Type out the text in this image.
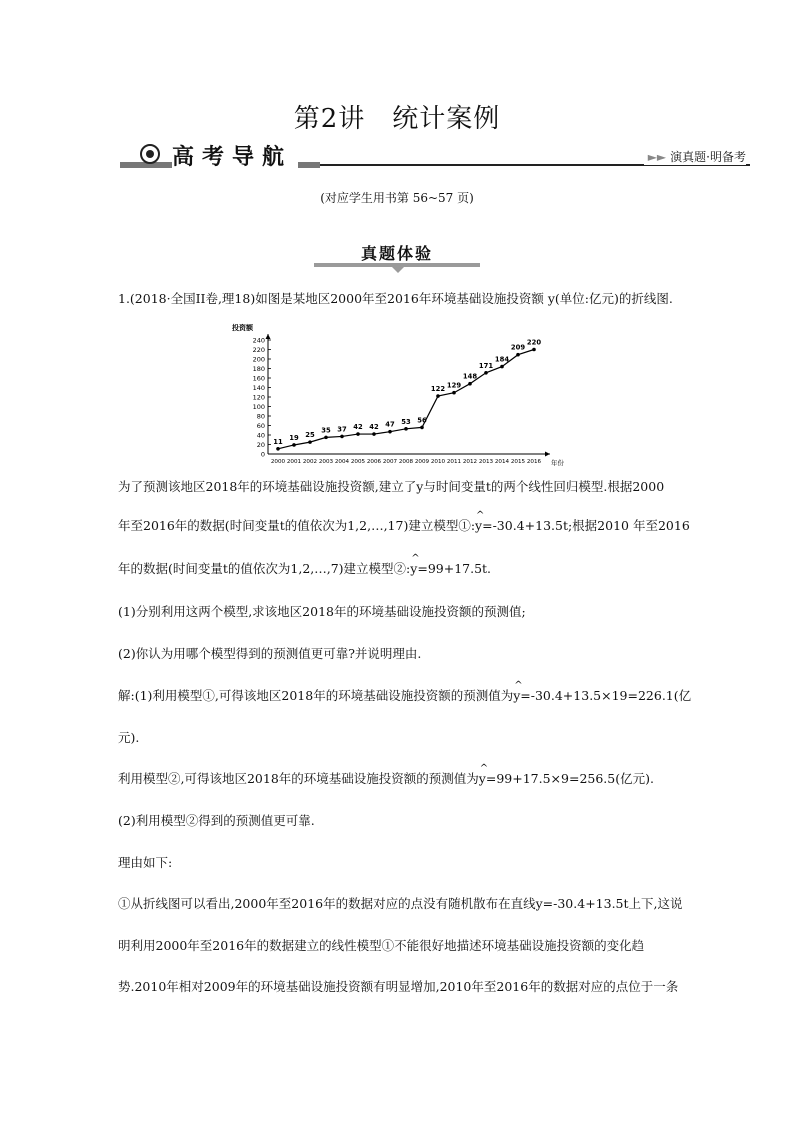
第2讲　统计案例
高考导航	►► 演真题·明备考
(对应学生用书第 56~57 页)
真题体验
1.(2018·全国II卷,理18)如图是某地区2000年至2016年环境基础设施投资额 y(单位:亿元)的折线图.
0
20
40
60
80
100
120
140
160
180
200
220
240
投资额
年份
2000 2001 2002 2003 2004 2005 2006 2007 2008 2009 2010 2011 2012 2013 2014 2015 2016
11 19 25
35 37 42 42 47 53 56
122 129
148
171
184
209
220
为了预测该地区2018年的环境基础设施投资额,建立了y与时间变量t的两个线性回归模型.根据2000
年至2016年的数据(时间变量t的值依次为1,2,…,17)建立模型①:^ y=-30.4+13.5t;根据2010 年至2016
年的数据(时间变量t的值依次为1,2,…,7)建立模型②:^ y=99+17.5t.
(1)分别利用这两个模型,求该地区2018年的环境基础设施投资额的预测值;
(2)你认为用哪个模型得到的预测值更可靠?并说明理由.
解:(1)利用模型①,可得该地区2018年的环境基础设施投资额的预测值为^ y=-30.4+13.5×19=226.1(亿
元).
利用模型②,可得该地区2018年的环境基础设施投资额的预测值为^ y=99+17.5×9=256.5(亿元).
(2)利用模型②得到的预测值更可靠.
理由如下:
①从折线图可以看出,2000年至2016年的数据对应的点没有随机散布在直线y=-30.4+13.5t上下,这说
明利用2000年至2016年的数据建立的线性模型①不能很好地描述环境基础设施投资额的变化趋
势.2010年相对2009年的环境基础设施投资额有明显增加,2010年至2016年的数据对应的点位于一条
